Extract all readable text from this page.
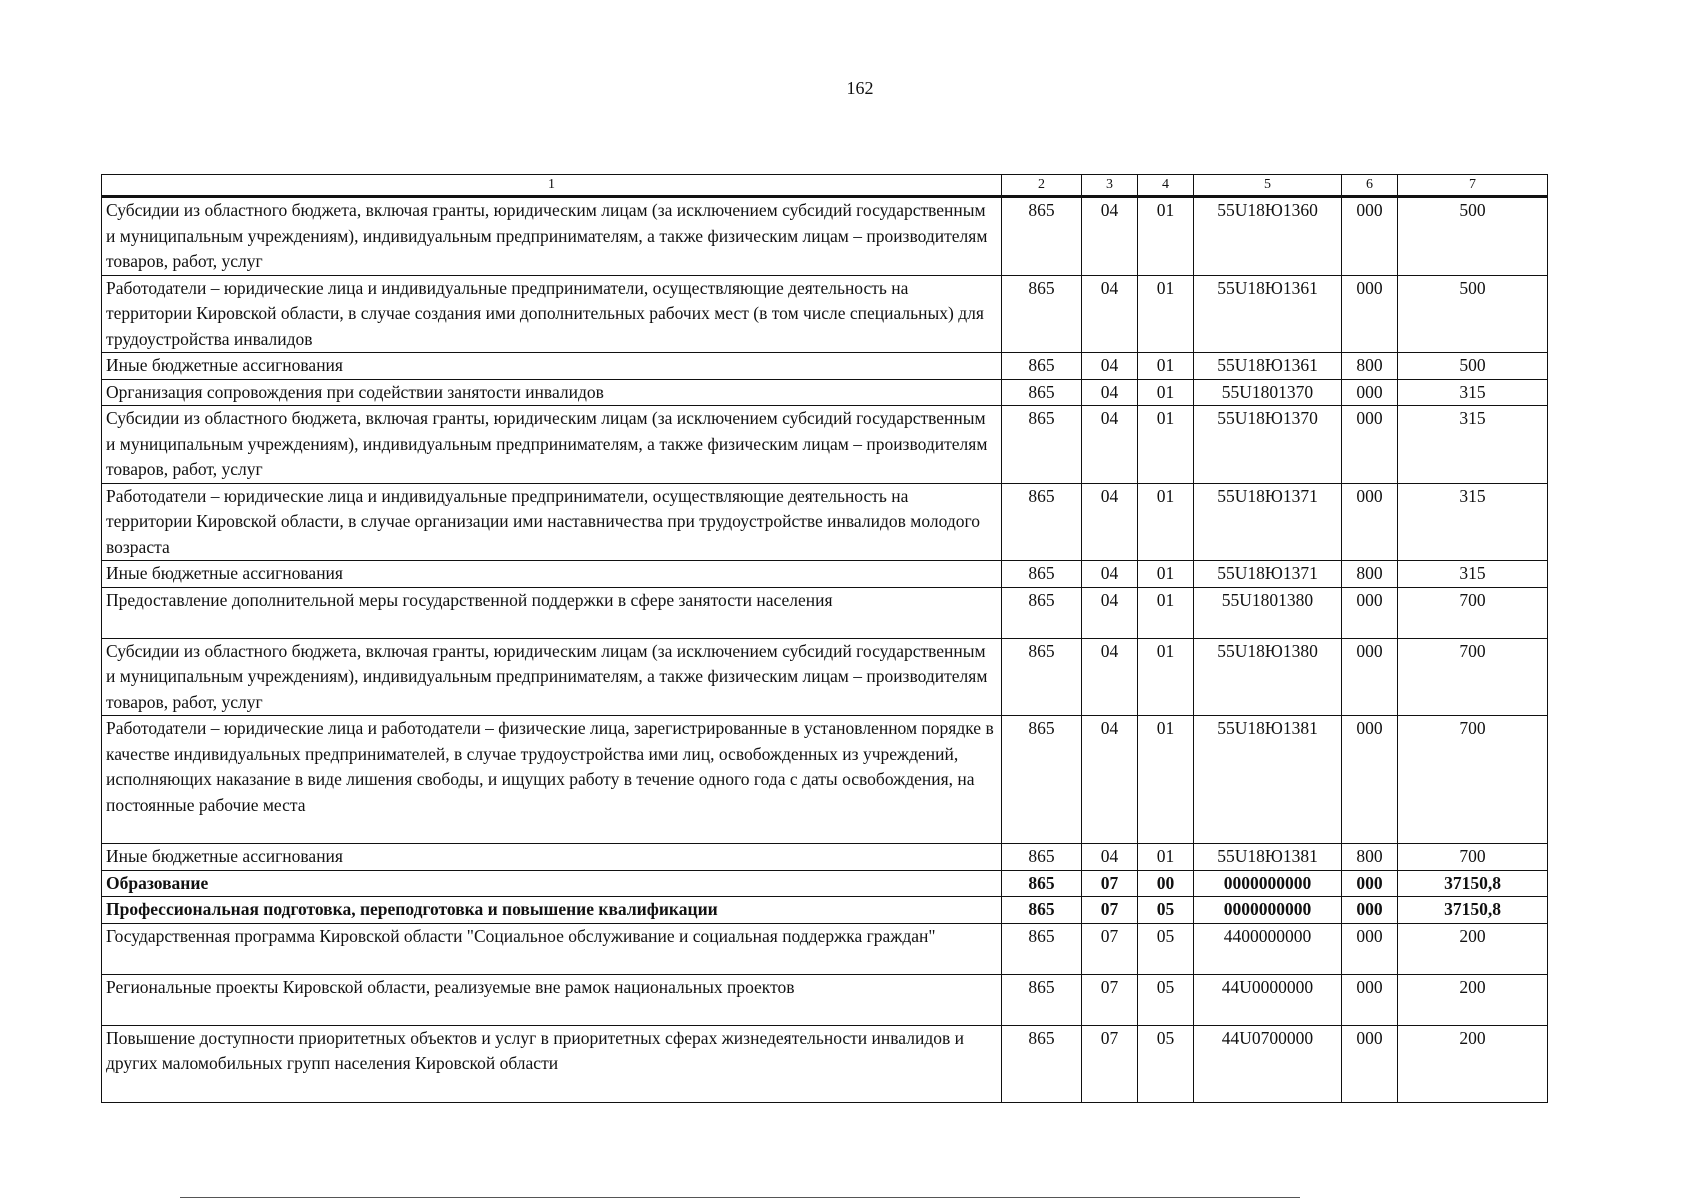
162
1	2	3	4	5	6	7
Субсидии из областного бюджета, включая гранты, юридическим лицам (за исключением субсидий государственным и муниципальным учреждениям), индивидуальным предпринимателям, а также физическим лицам – производителям товаров, работ, услуг	865	04	01	55U18Ю1360	000	500
Работодатели – юридические лица и индивидуальные предприниматели, осуществляющие деятельность на территории Кировской области, в случае создания ими дополнительных рабочих мест (в том числе специальных) для трудоустройства инвалидов	865	04	01	55U18Ю1361	000	500
Иные бюджетные ассигнования	865	04	01	55U18Ю1361	800	500
Организация сопровождения при содействии занятости инвалидов	865	04	01	55U1801370	000	315
Субсидии из областного бюджета, включая гранты, юридическим лицам (за исключением субсидий государственным и муниципальным учреждениям), индивидуальным предпринимателям, а также физическим лицам – производителям товаров, работ, услуг	865	04	01	55U18Ю1370	000	315
Работодатели – юридические лица и индивидуальные предприниматели, осуществляющие деятельность на территории Кировской области, в случае организации ими наставничества при трудоустройстве инвалидов молодого возраста	865	04	01	55U18Ю1371	000	315
Иные бюджетные ассигнования	865	04	01	55U18Ю1371	800	315
Предоставление дополнительной меры государственной поддержки в сфере занятости населения	865	04	01	55U1801380	000	700
Субсидии из областного бюджета, включая гранты, юридическим лицам (за исключением субсидий государственным и муниципальным учреждениям), индивидуальным предпринимателям, а также физическим лицам – производителям товаров, работ, услуг	865	04	01	55U18Ю1380	000	700
Работодатели – юридические лица и работодатели – физические лица, зарегистрированные в установленном порядке в качестве индивидуальных предпринимателей, в случае трудоустройства ими лиц, освобожденных из учреждений, исполняющих наказание в виде лишения свободы, и ищущих работу в течение одного года с даты освобождения, на постоянные рабочие места	865	04	01	55U18Ю1381	000	700
Иные бюджетные ассигнования	865	04	01	55U18Ю1381	800	700
Образование	865	07	00	0000000000	000	37150,8
Профессиональная подготовка, переподготовка и повышение квалификации	865	07	05	0000000000	000	37150,8
Государственная программа Кировской области "Социальное обслуживание и социальная поддержка граждан"	865	07	05	4400000000	000	200
Региональные проекты Кировской области, реализуемые вне рамок национальных проектов	865	07	05	44U0000000	000	200
Повышение доступности приоритетных объектов и услуг в приоритетных сферах жизнедеятельности инвалидов и других маломобильных групп населения Кировской области	865	07	05	44U0700000	000	200
